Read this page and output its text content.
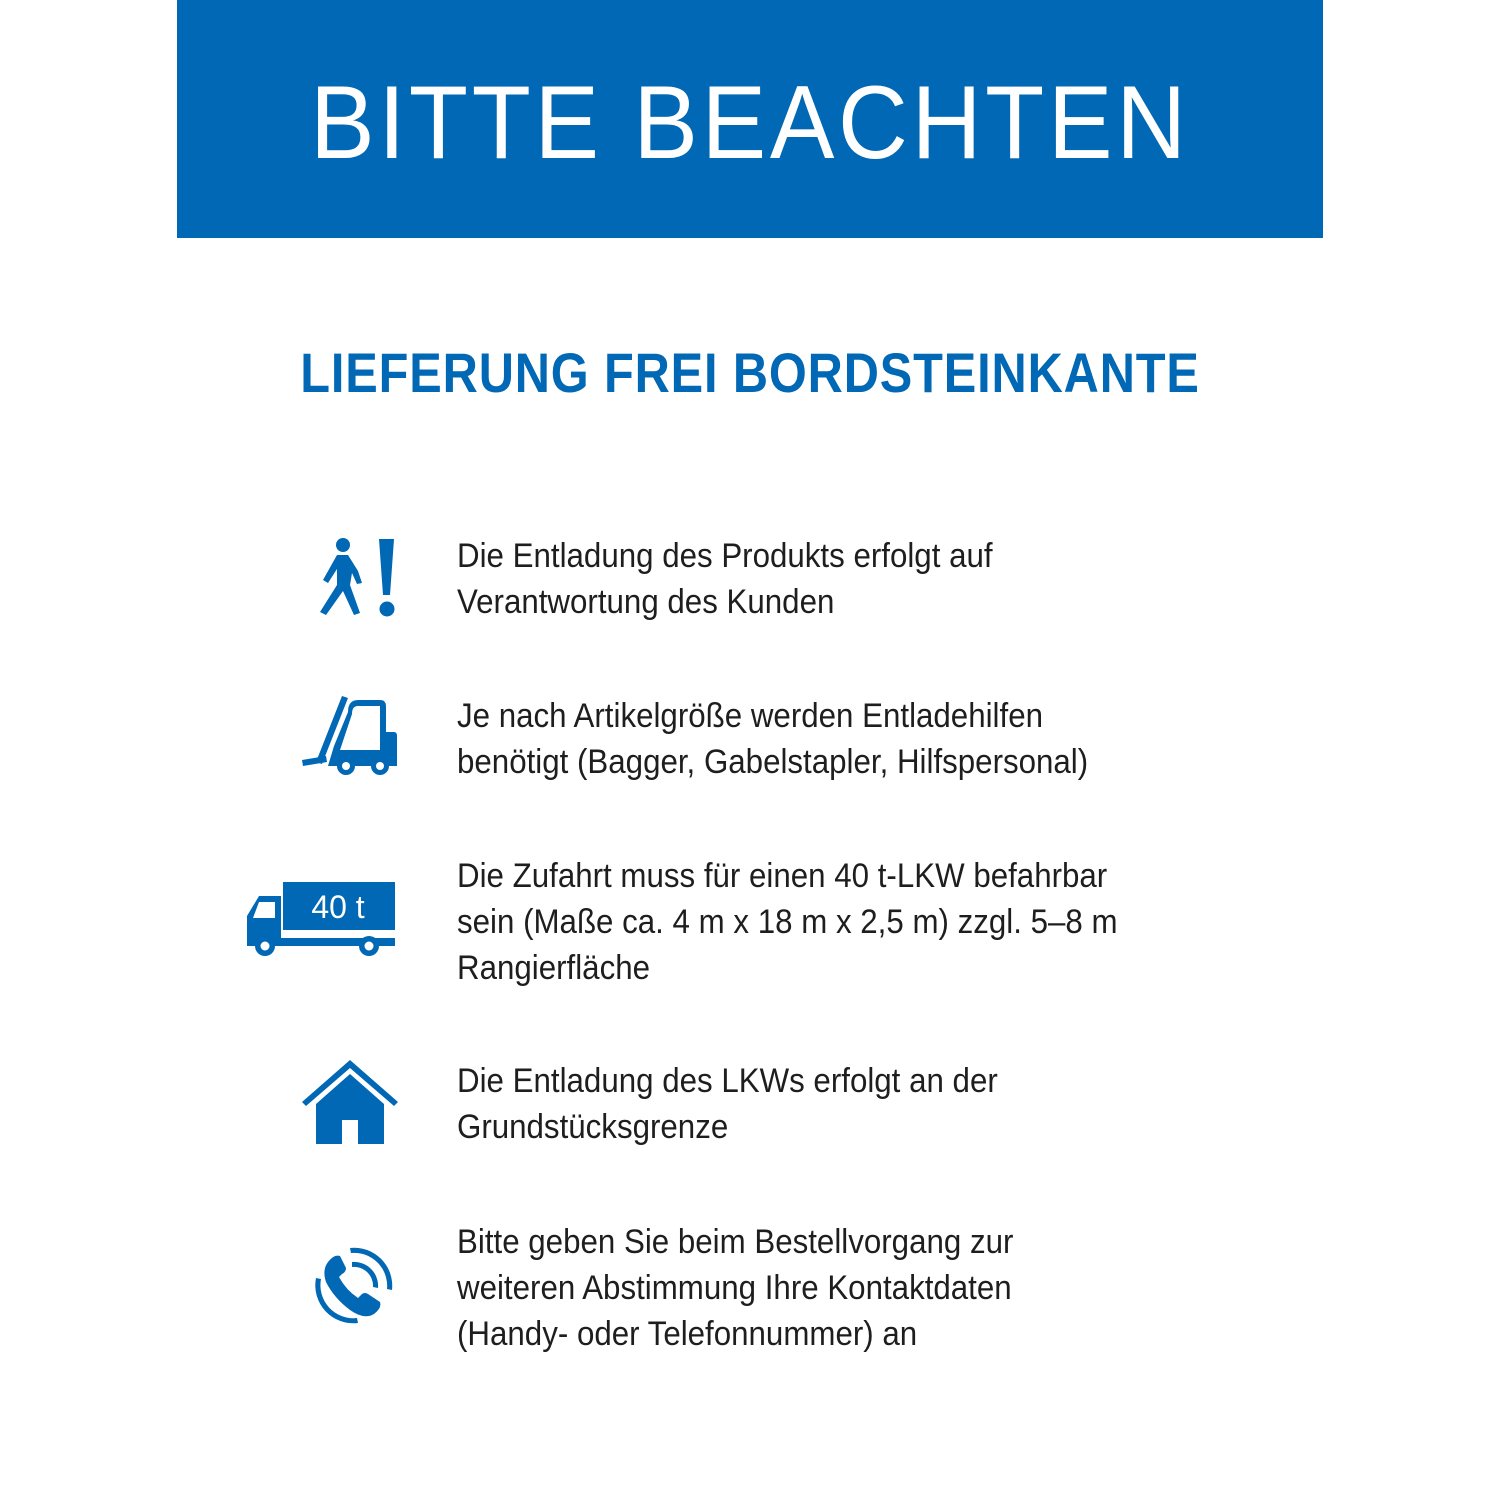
BITTE BEACHTEN
LIEFERUNG FREI BORDSTEINKANTE
Die Entladung des Produkts erfolgt auf
Verantwortung des Kunden
Je nach Artikelgröße werden Entladehilfen
benötigt (Bagger, Gabelstapler, Hilfspersonal)
40 t
Die Zufahrt muss für einen 40 t-LKW befahrbar
sein (Maße ca. 4 m x 18 m x 2,5 m) zzgl. 5–8 m
Rangierfläche
Die Entladung des LKWs erfolgt an der
Grundstücksgrenze
Bitte geben Sie beim Bestellvorgang zur
weiteren Abstimmung Ihre Kontaktdaten
(Handy- oder Telefonnummer) an
